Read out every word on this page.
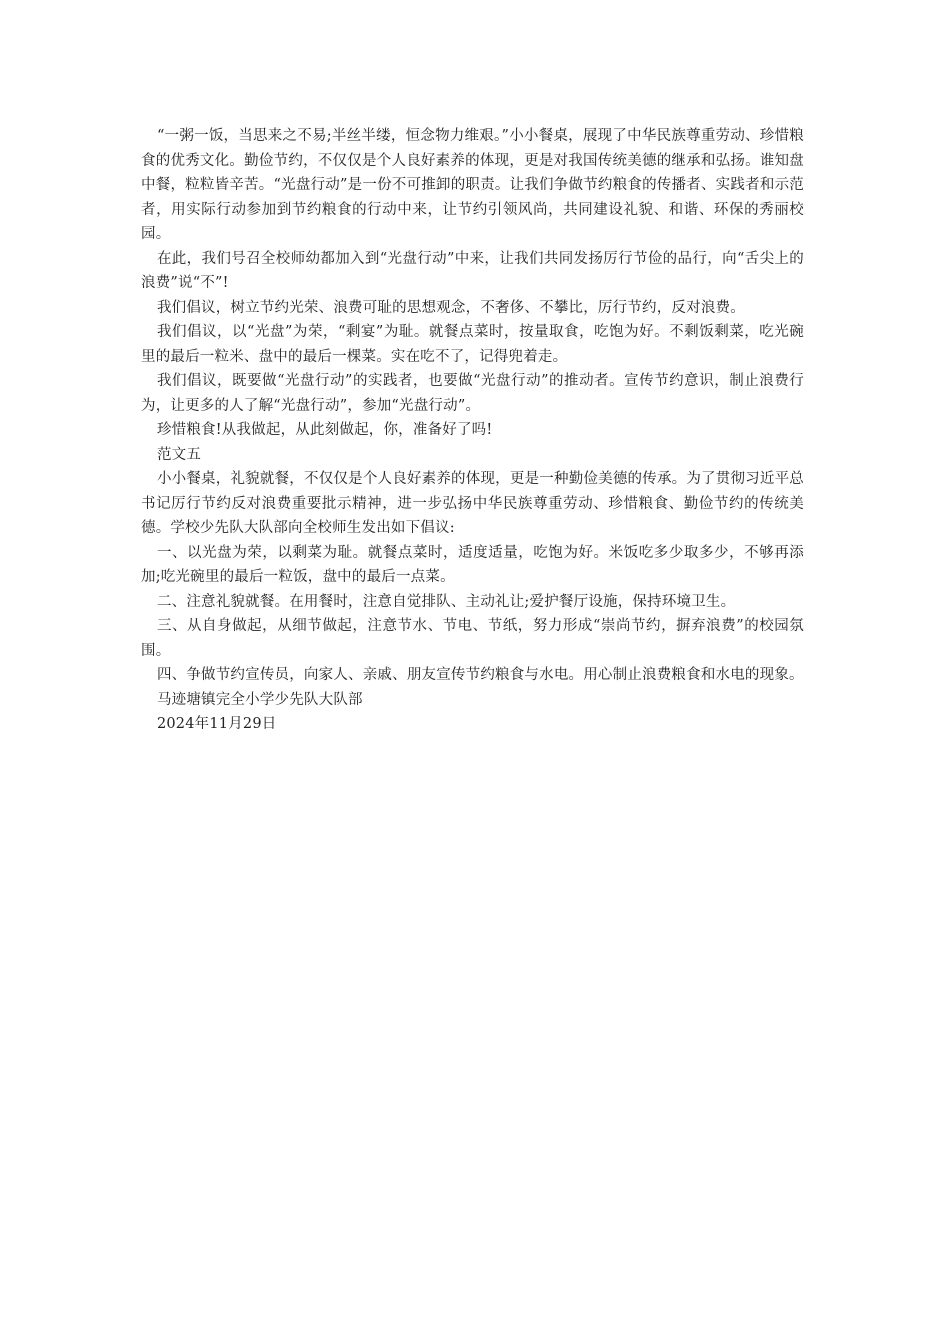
“一粥一饭，当思来之不易;半丝半缕，恒念物力维艰。”小小餐桌，展现了中华民族尊重劳动、珍惜粮食的优秀文化。勤俭节约，不仅仅是个人良好素养的体现，更是对我国传统美德的继承和弘扬。谁知盘中餐，粒粒皆辛苦。“光盘行动”是一份不可推卸的职责。让我们争做节约粮食的传播者、实践者和示范者，用实际行动参加到节约粮食的行动中来，让节约引领风尚，共同建设礼貌、和谐、环保的秀丽校园。

在此，我们号召全校师幼都加入到“光盘行动”中来，让我们共同发扬厉行节俭的品行，向“舌尖上的浪费”说“不”!

我们倡议，树立节约光荣、浪费可耻的思想观念，不奢侈、不攀比，厉行节约，反对浪费。

我们倡议，以“光盘”为荣，“剩宴”为耻。就餐点菜时，按量取食，吃饱为好。不剩饭剩菜，吃光碗里的最后一粒米、盘中的最后一棵菜。实在吃不了，记得兜着走。

我们倡议，既要做“光盘行动”的实践者，也要做“光盘行动”的推动者。宣传节约意识，制止浪费行为，让更多的人了解“光盘行动”，参加“光盘行动”。

珍惜粮食!从我做起，从此刻做起，你，准备好了吗!

范文五

小小餐桌，礼貌就餐，不仅仅是个人良好素养的体现，更是一种勤俭美德的传承。为了贯彻习近平总书记厉行节约反对浪费重要批示精神，进一步弘扬中华民族尊重劳动、珍惜粮食、勤俭节约的传统美德。学校少先队大队部向全校师生发出如下倡议:

一、以光盘为荣，以剩菜为耻。就餐点菜时，适度适量，吃饱为好。米饭吃多少取多少，不够再添加;吃光碗里的最后一粒饭，盘中的最后一点菜。

二、注意礼貌就餐。在用餐时，注意自觉排队、主动礼让;爱护餐厅设施，保持环境卫生。

三、从自身做起，从细节做起，注意节水、节电、节纸，努力形成“崇尚节约，摒弃浪费”的校园氛围。

四、争做节约宣传员，向家人、亲戚、朋友宣传节约粮食与水电。用心制止浪费粮食和水电的现象。

马迹塘镇完全小学少先队大队部

2024年11月29日
